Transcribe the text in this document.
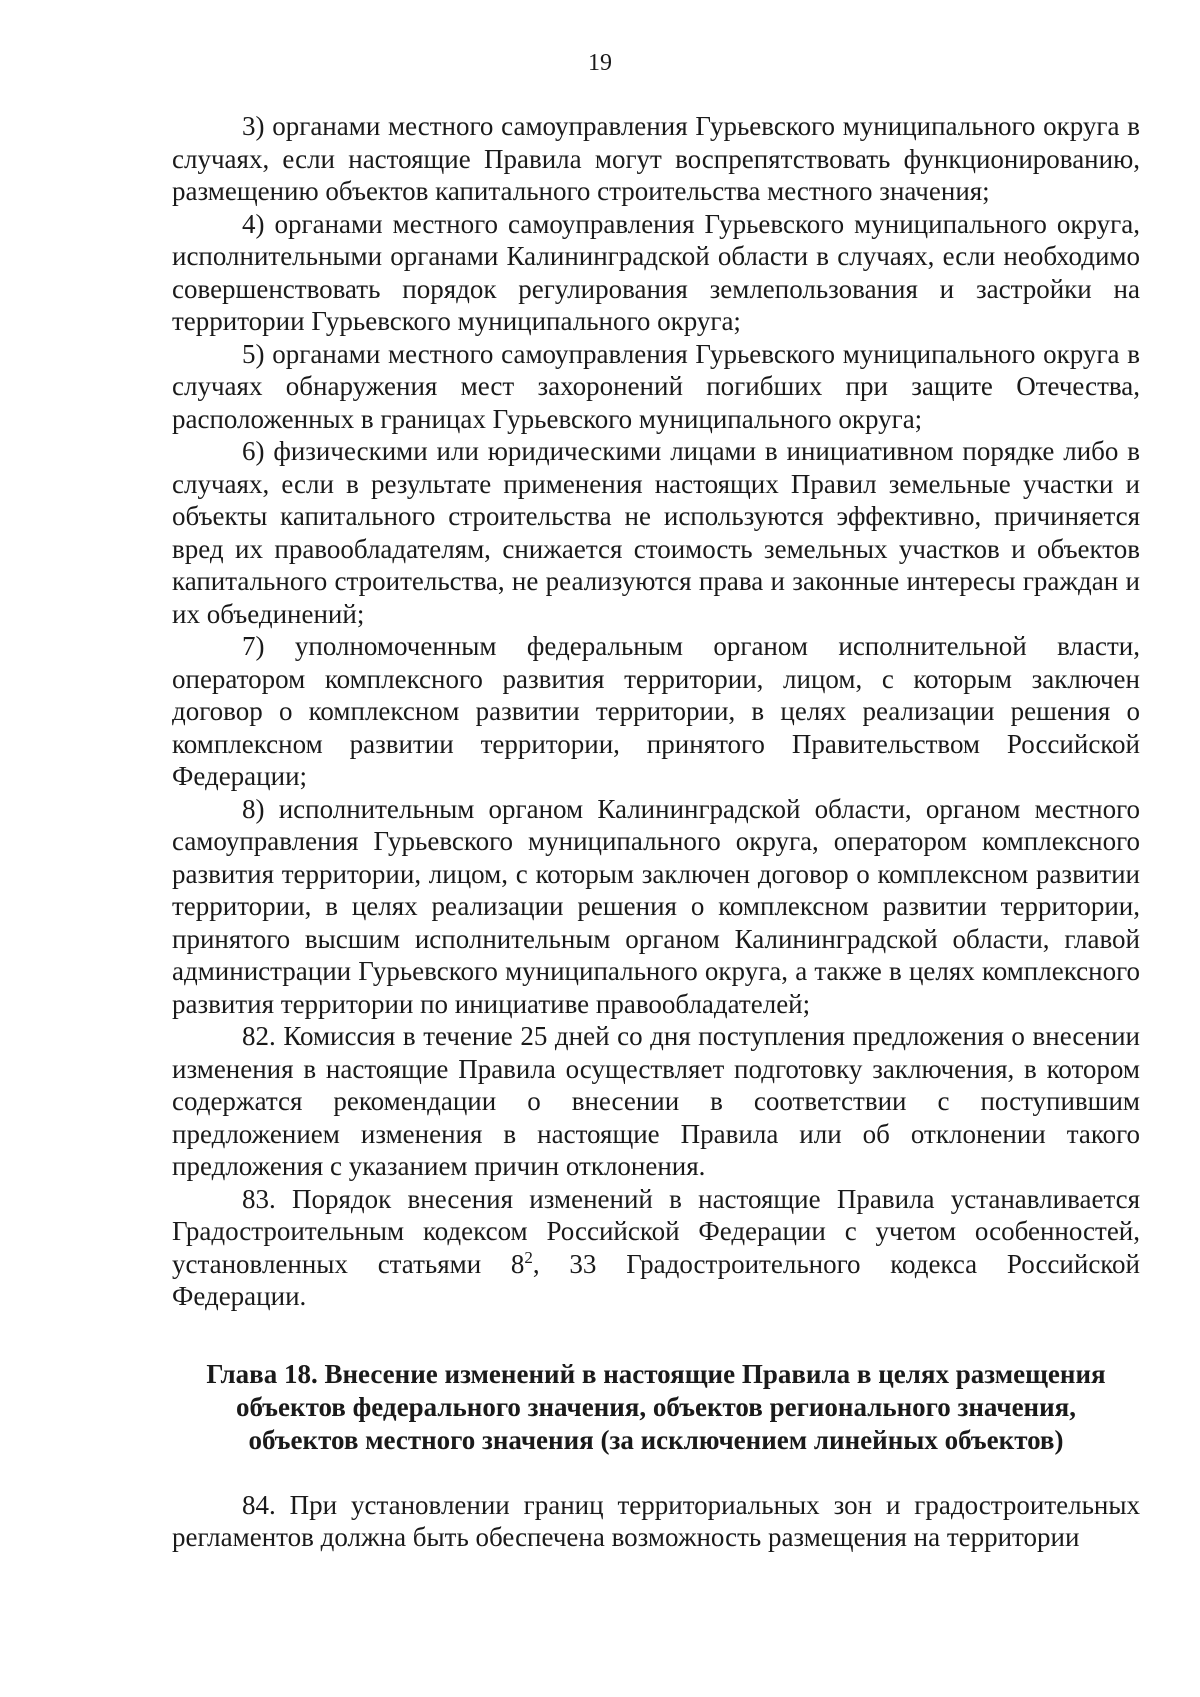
19

3) органами местного самоуправления Гурьевского муниципального округа в случаях, если настоящие Правила могут воспрепятствовать функционированию, размещению объектов капитального строительства местного значения;

4) органами местного самоуправления Гурьевского муниципального округа, исполнительными органами Калининградской области в случаях, если необходимо совершенствовать порядок регулирования землепользования и застройки на территории Гурьевского муниципального округа;

5) органами местного самоуправления Гурьевского муниципального округа в случаях обнаружения мест захоронений погибших при защите Отечества, расположенных в границах Гурьевского муниципального округа;

6) физическими или юридическими лицами в инициативном порядке либо в случаях, если в результате применения настоящих Правил земельные участки и объекты капитального строительства не используются эффективно, причиняется вред их правообладателям, снижается стоимость земельных участков и объектов капитального строительства, не реализуются права и законные интересы граждан и их объединений;

7) уполномоченным федеральным органом исполнительной власти, оператором комплексного развития территории, лицом, с которым заключен договор о комплексном развитии территории, в целях реализации решения о комплексном развитии территории, принятого Правительством Российской Федерации;

8) исполнительным органом Калининградской области, органом местного самоуправления Гурьевского муниципального округа, оператором комплексного развития территории, лицом, с которым заключен договор о комплексном развитии территории, в целях реализации решения о комплексном развитии территории, принятого высшим исполнительным органом Калининградской области, главой администрации Гурьевского муниципального округа, а также в целях комплексного развития территории по инициативе правообладателей;

82. Комиссия в течение 25 дней со дня поступления предложения о внесении изменения в настоящие Правила осуществляет подготовку заключения, в котором содержатся рекомендации о внесении в соответствии с поступившим предложением изменения в настоящие Правила или об отклонении такого предложения с указанием причин отклонения.

83. Порядок внесения изменений в настоящие Правила устанавливается Градостроительным кодексом Российской Федерации с учетом особенностей, установленных статьями $8^2$, 33 Градостроительного кодекса Российской Федерации.

Глава 18. Внесение изменений в настоящие Правила в целях размещения
объектов федерального значения, объектов регионального значения,
объектов местного значения (за исключением линейных объектов)

84. При установлении границ территориальных зон и градостроительных регламентов должна быть обеспечена возможность размещения на территории
